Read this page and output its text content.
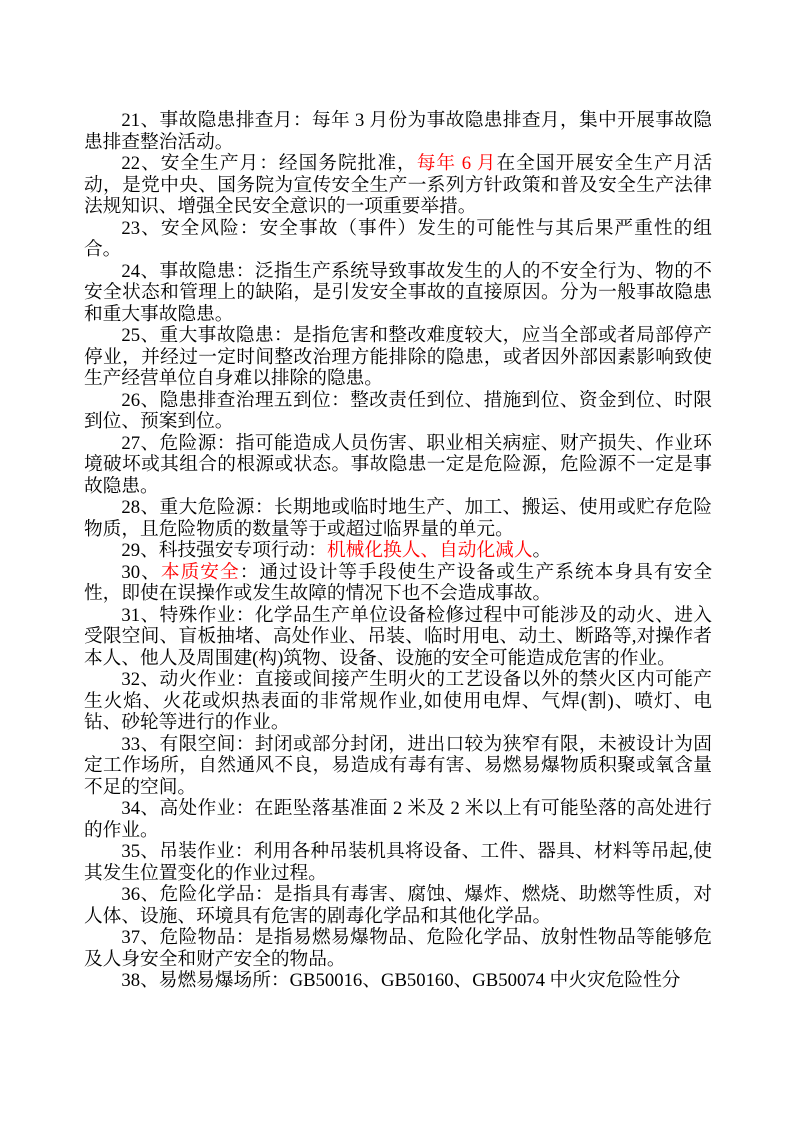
21、事故隐患排查月：每年 3 月份为事故隐患排查月，集中开展事故隐患排查整治活动。

22、安全生产月：经国务院批准，每年 6 月在全国开展安全生产月活动，是党中央、国务院为宣传安全生产一系列方针政策和普及安全生产法律法规知识、增强全民安全意识的一项重要举措。

23、安全风险：安全事故（事件）发生的可能性与其后果严重性的组合。

24、事故隐患：泛指生产系统导致事故发生的人的不安全行为、物的不安全状态和管理上的缺陷，是引发安全事故的直接原因。分为一般事故隐患和重大事故隐患。

25、重大事故隐患：是指危害和整改难度较大，应当全部或者局部停产停业，并经过一定时间整改治理方能排除的隐患，或者因外部因素影响致使生产经营单位自身难以排除的隐患。

26、隐患排查治理五到位：整改责任到位、措施到位、资金到位、时限到位、预案到位。

27、危险源：指可能造成人员伤害、职业相关病症、财产损失、作业环境破坏或其组合的根源或状态。事故隐患一定是危险源，危险源不一定是事故隐患。

28、重大危险源：长期地或临时地生产、加工、搬运、使用或贮存危险物质，且危险物质的数量等于或超过临界量的单元。

29、科技强安专项行动：机械化换人、自动化减人。

30、本质安全：通过设计等手段使生产设备或生产系统本身具有安全性，即使在误操作或发生故障的情况下也不会造成事故。

31、特殊作业：化学品生产单位设备检修过程中可能涉及的动火、进入受限空间、盲板抽堵、高处作业、吊装、临时用电、动土、断路等,对操作者本人、他人及周围建(构)筑物、设备、设施的安全可能造成危害的作业。

32、动火作业：直接或间接产生明火的工艺设备以外的禁火区内可能产生火焰、火花或炽热表面的非常规作业,如使用电焊、气焊(割)、喷灯、电钻、砂轮等进行的作业。

33、有限空间：封闭或部分封闭，进出口较为狭窄有限，未被设计为固定工作场所，自然通风不良，易造成有毒有害、易燃易爆物质积聚或氧含量不足的空间。

34、高处作业：在距坠落基准面 2 米及 2 米以上有可能坠落的高处进行的作业。

35、吊装作业：利用各种吊装机具将设备、工件、器具、材料等吊起,使其发生位置变化的作业过程。

36、危险化学品：是指具有毒害、腐蚀、爆炸、燃烧、助燃等性质，对人体、设施、环境具有危害的剧毒化学品和其他化学品。

37、危险物品：是指易燃易爆物品、危险化学品、放射性物品等能够危及人身安全和财产安全的物品。

38、易燃易爆场所：GB50016、GB50160、GB50074 中火灾危险性分
